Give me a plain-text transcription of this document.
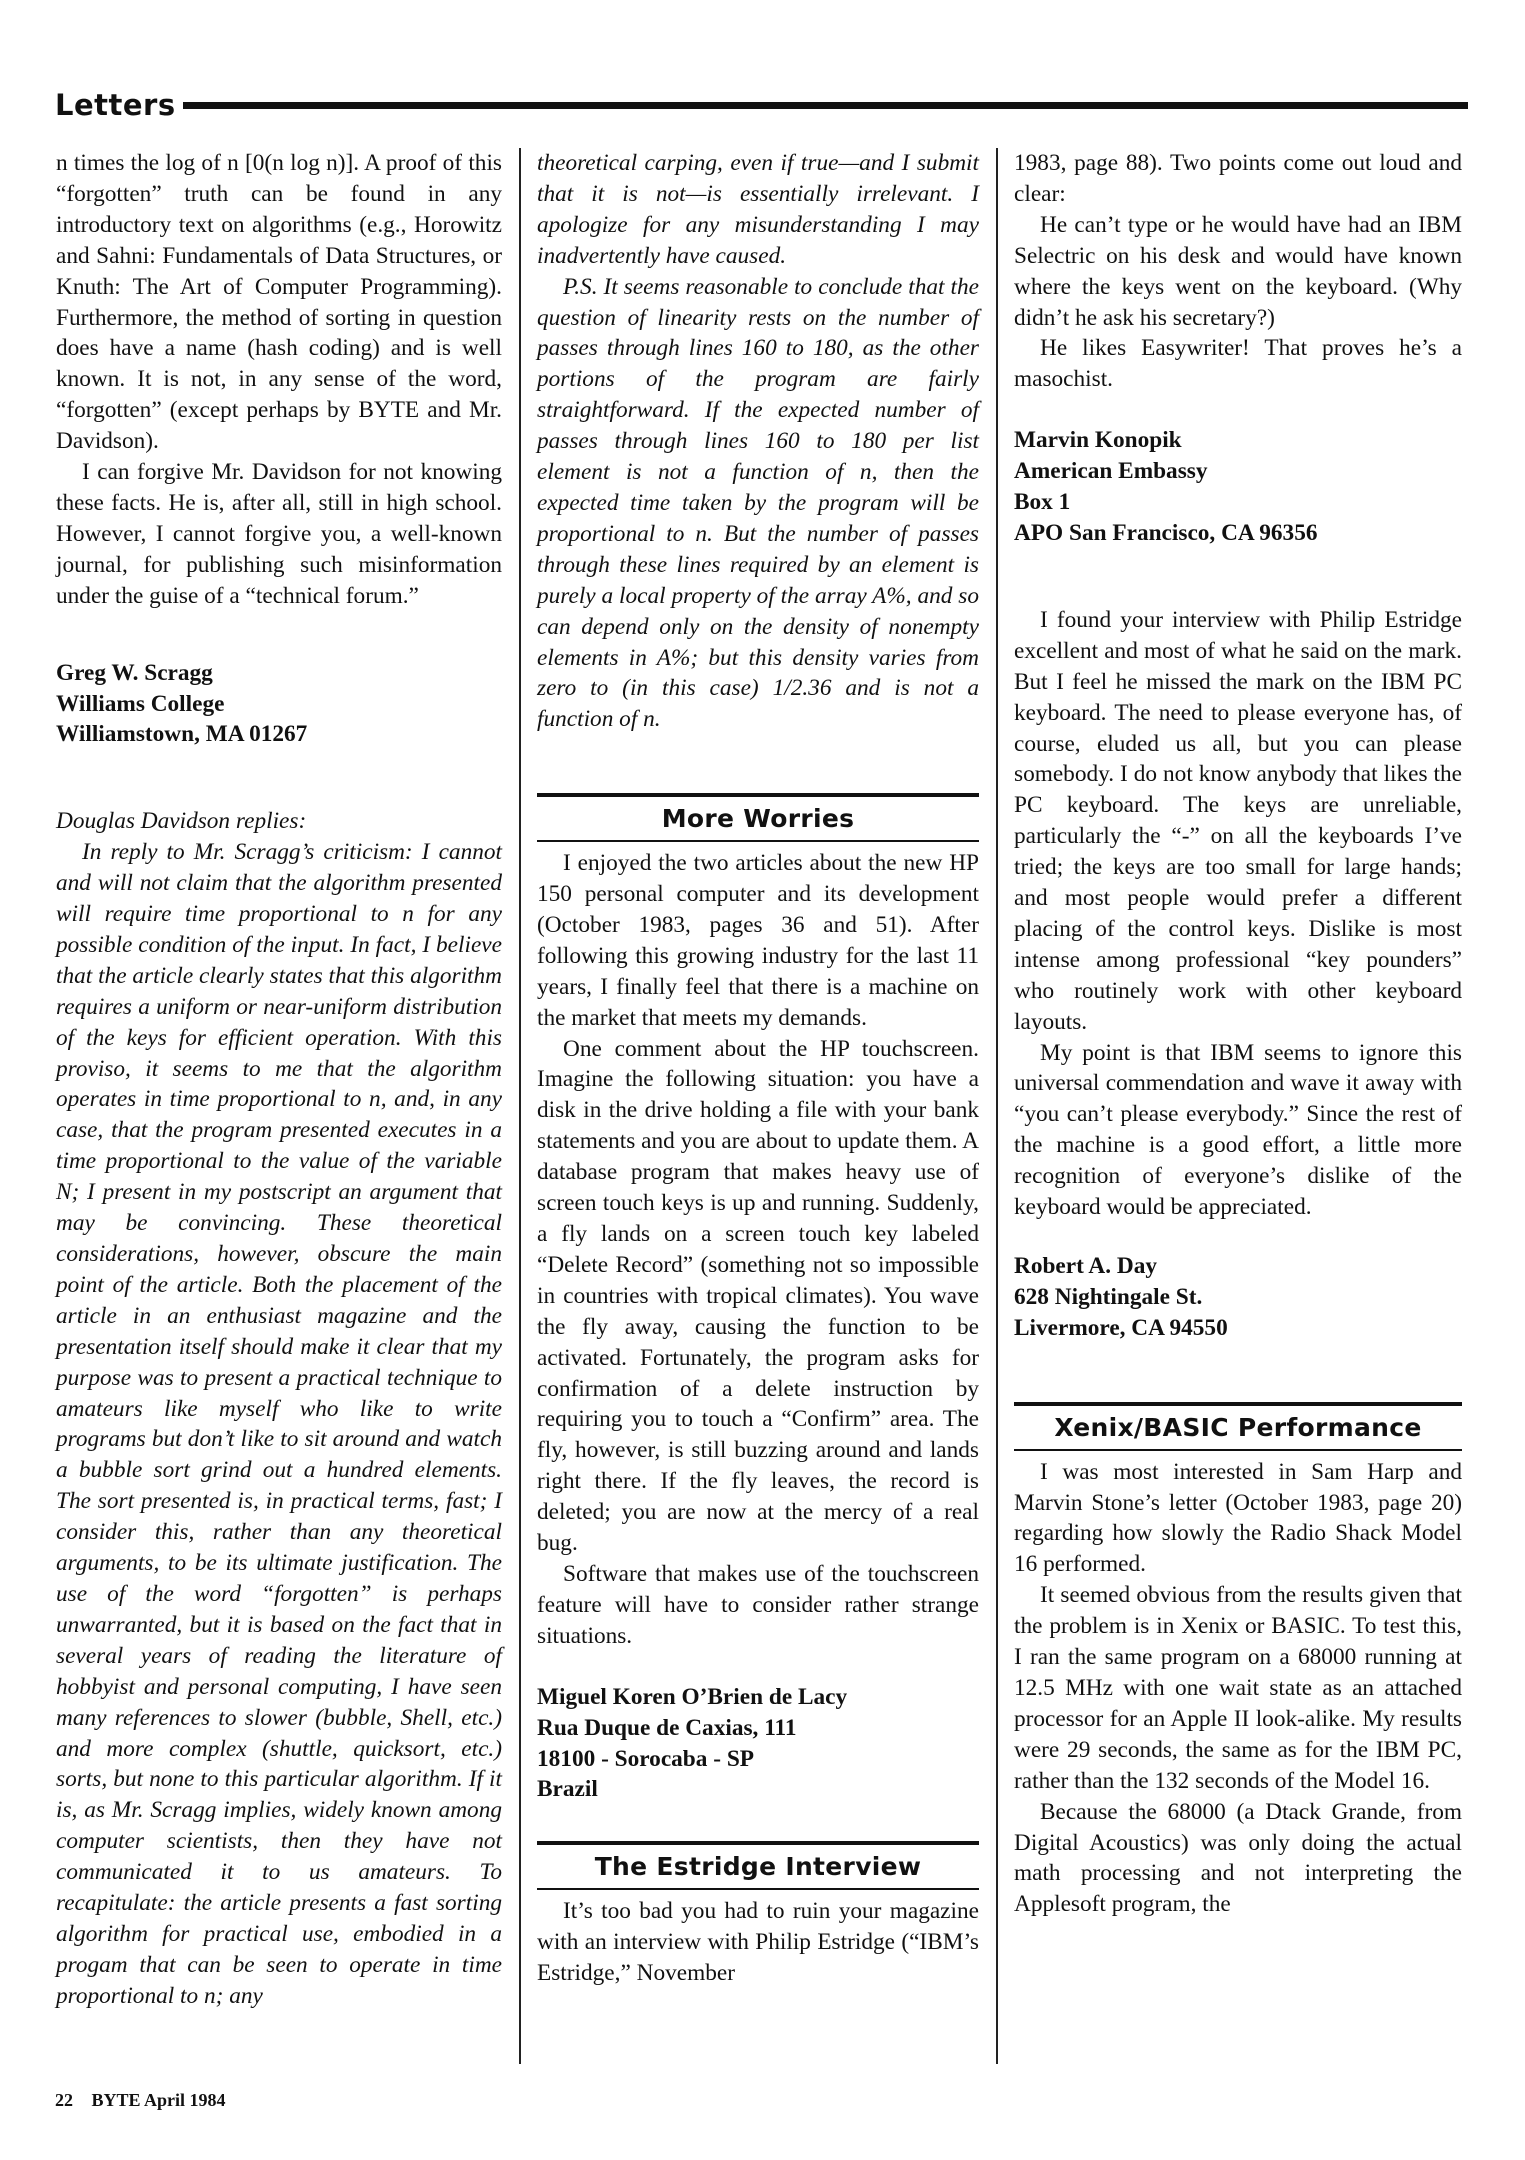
Letters

n times the log of n [0(n log n)]. A proof of this “forgotten” truth can be found in any introductory text on algorithms (e.g., Horowitz and Sahni: Fundamentals of Data Structures, or Knuth: The Art of Computer Programming). Furthermore, the method of sorting in question does have a name (hash coding) and is well known. It is not, in any sense of the word, “forgotten” (except perhaps by BYTE and Mr. Davidson).

I can forgive Mr. Davidson for not knowing these facts. He is, after all, still in high school. However, I cannot forgive you, a well-known journal, for publishing such misinformation under the guise of a “technical forum.”

Greg W. Scragg
Williams College
Williamstown, MA 01267

Douglas Davidson replies:

In reply to Mr. Scragg’s criticism: I cannot and will not claim that the algorithm presented will require time proportional to n for any possible condition of the input. In fact, I believe that the article clearly states that this algorithm requires a uniform or near-uniform distribution of the keys for efficient operation. With this proviso, it seems to me that the algorithm operates in time proportional to n, and, in any case, that the program presented executes in a time proportional to the value of the variable N; I present in my postscript an argument that may be convincing. These theoretical considerations, however, obscure the main point of the article. Both the placement of the article in an enthusiast magazine and the presentation itself should make it clear that my purpose was to present a practical technique to amateurs like myself who like to write programs but don’t like to sit around and watch a bubble sort grind out a hundred elements. The sort presented is, in practical terms, fast; I consider this, rather than any theoretical arguments, to be its ultimate justification. The use of the word “forgotten” is perhaps unwarranted, but it is based on the fact that in several years of reading the literature of hobbyist and personal computing, I have seen many references to slower (bubble, Shell, etc.) and more complex (shuttle, quicksort, etc.) sorts, but none to this particular algorithm. If it is, as Mr. Scragg implies, widely known among computer scientists, then they have not communicated it to us amateurs. To recapitulate: the article presents a fast sorting algorithm for practical use, embodied in a progam that can be seen to operate in time proportional to n; any

theoretical carping, even if true—and I submit that it is not—is essentially irrelevant. I apologize for any misunderstanding I may inadvertently have caused.

P.S. It seems reasonable to conclude that the question of linearity rests on the number of passes through lines 160 to 180, as the other portions of the program are fairly straightforward. If the expected number of passes through lines 160 to 180 per list element is not a function of n, then the expected time taken by the program will be proportional to n. But the number of passes through these lines required by an element is purely a local property of the array A%, and so can depend only on the density of nonempty elements in A%; but this density varies from zero to (in this case) 1/2.36 and is not a function of n.

More Worries

I enjoyed the two articles about the new HP 150 personal computer and its development (October 1983, pages 36 and 51). After following this growing industry for the last 11 years, I finally feel that there is a machine on the market that meets my demands.

One comment about the HP touchscreen. Imagine the following situation: you have a disk in the drive holding a file with your bank statements and you are about to update them. A database program that makes heavy use of screen touch keys is up and running. Suddenly, a fly lands on a screen touch key labeled “Delete Record” (something not so impossible in countries with tropical climates). You wave the fly away, causing the function to be activated. Fortunately, the program asks for confirmation of a delete instruction by requiring you to touch a “Confirm” area. The fly, however, is still buzzing around and lands right there. If the fly leaves, the record is deleted; you are now at the mercy of a real bug.

Software that makes use of the touchscreen feature will have to consider rather strange situations.

Miguel Koren O’Brien de Lacy
Rua Duque de Caxias, 111
18100 - Sorocaba - SP
Brazil
The Estridge Interview

It’s too bad you had to ruin your magazine with an interview with Philip Estridge (“IBM’s Estridge,” November

1983, page 88). Two points come out loud and clear:

He can’t type or he would have had an IBM Selectric on his desk and would have known where the keys went on the keyboard. (Why didn’t he ask his secretary?)

He likes Easywriter! That proves he’s a masochist.

Marvin Konopik
American Embassy
Box 1
APO San Francisco, CA 96356

I found your interview with Philip Estridge excellent and most of what he said on the mark. But I feel he missed the mark on the IBM PC keyboard. The need to please everyone has, of course, eluded us all, but you can please somebody. I do not know anybody that likes the PC keyboard. The keys are unreliable, particularly the “-” on all the keyboards I’ve tried; the keys are too small for large hands; and most people would prefer a different placing of the control keys. Dislike is most intense among professional “key pounders” who routinely work with other keyboard layouts.

My point is that IBM seems to ignore this universal commendation and wave it away with “you can’t please everybody.” Since the rest of the machine is a good effort, a little more recognition of everyone’s dislike of the keyboard would be appreciated.

Robert A. Day
628 Nightingale St.
Livermore, CA 94550
Xenix/BASIC Performance

I was most interested in Sam Harp and Marvin Stone’s letter (October 1983, page 20) regarding how slowly the Radio Shack Model 16 performed.

It seemed obvious from the results given that the problem is in Xenix or BASIC. To test this, I ran the same program on a 68000 running at 12.5 MHz with one wait state as an attached processor for an Apple II look-alike. My results were 29 seconds, the same as for the IBM PC, rather than the 132 seconds of the Model 16.

Because the 68000 (a Dtack Grande, from Digital Acoustics) was only doing the actual math processing and not interpreting the Applesoft program, the

22 BYTE April 1984
